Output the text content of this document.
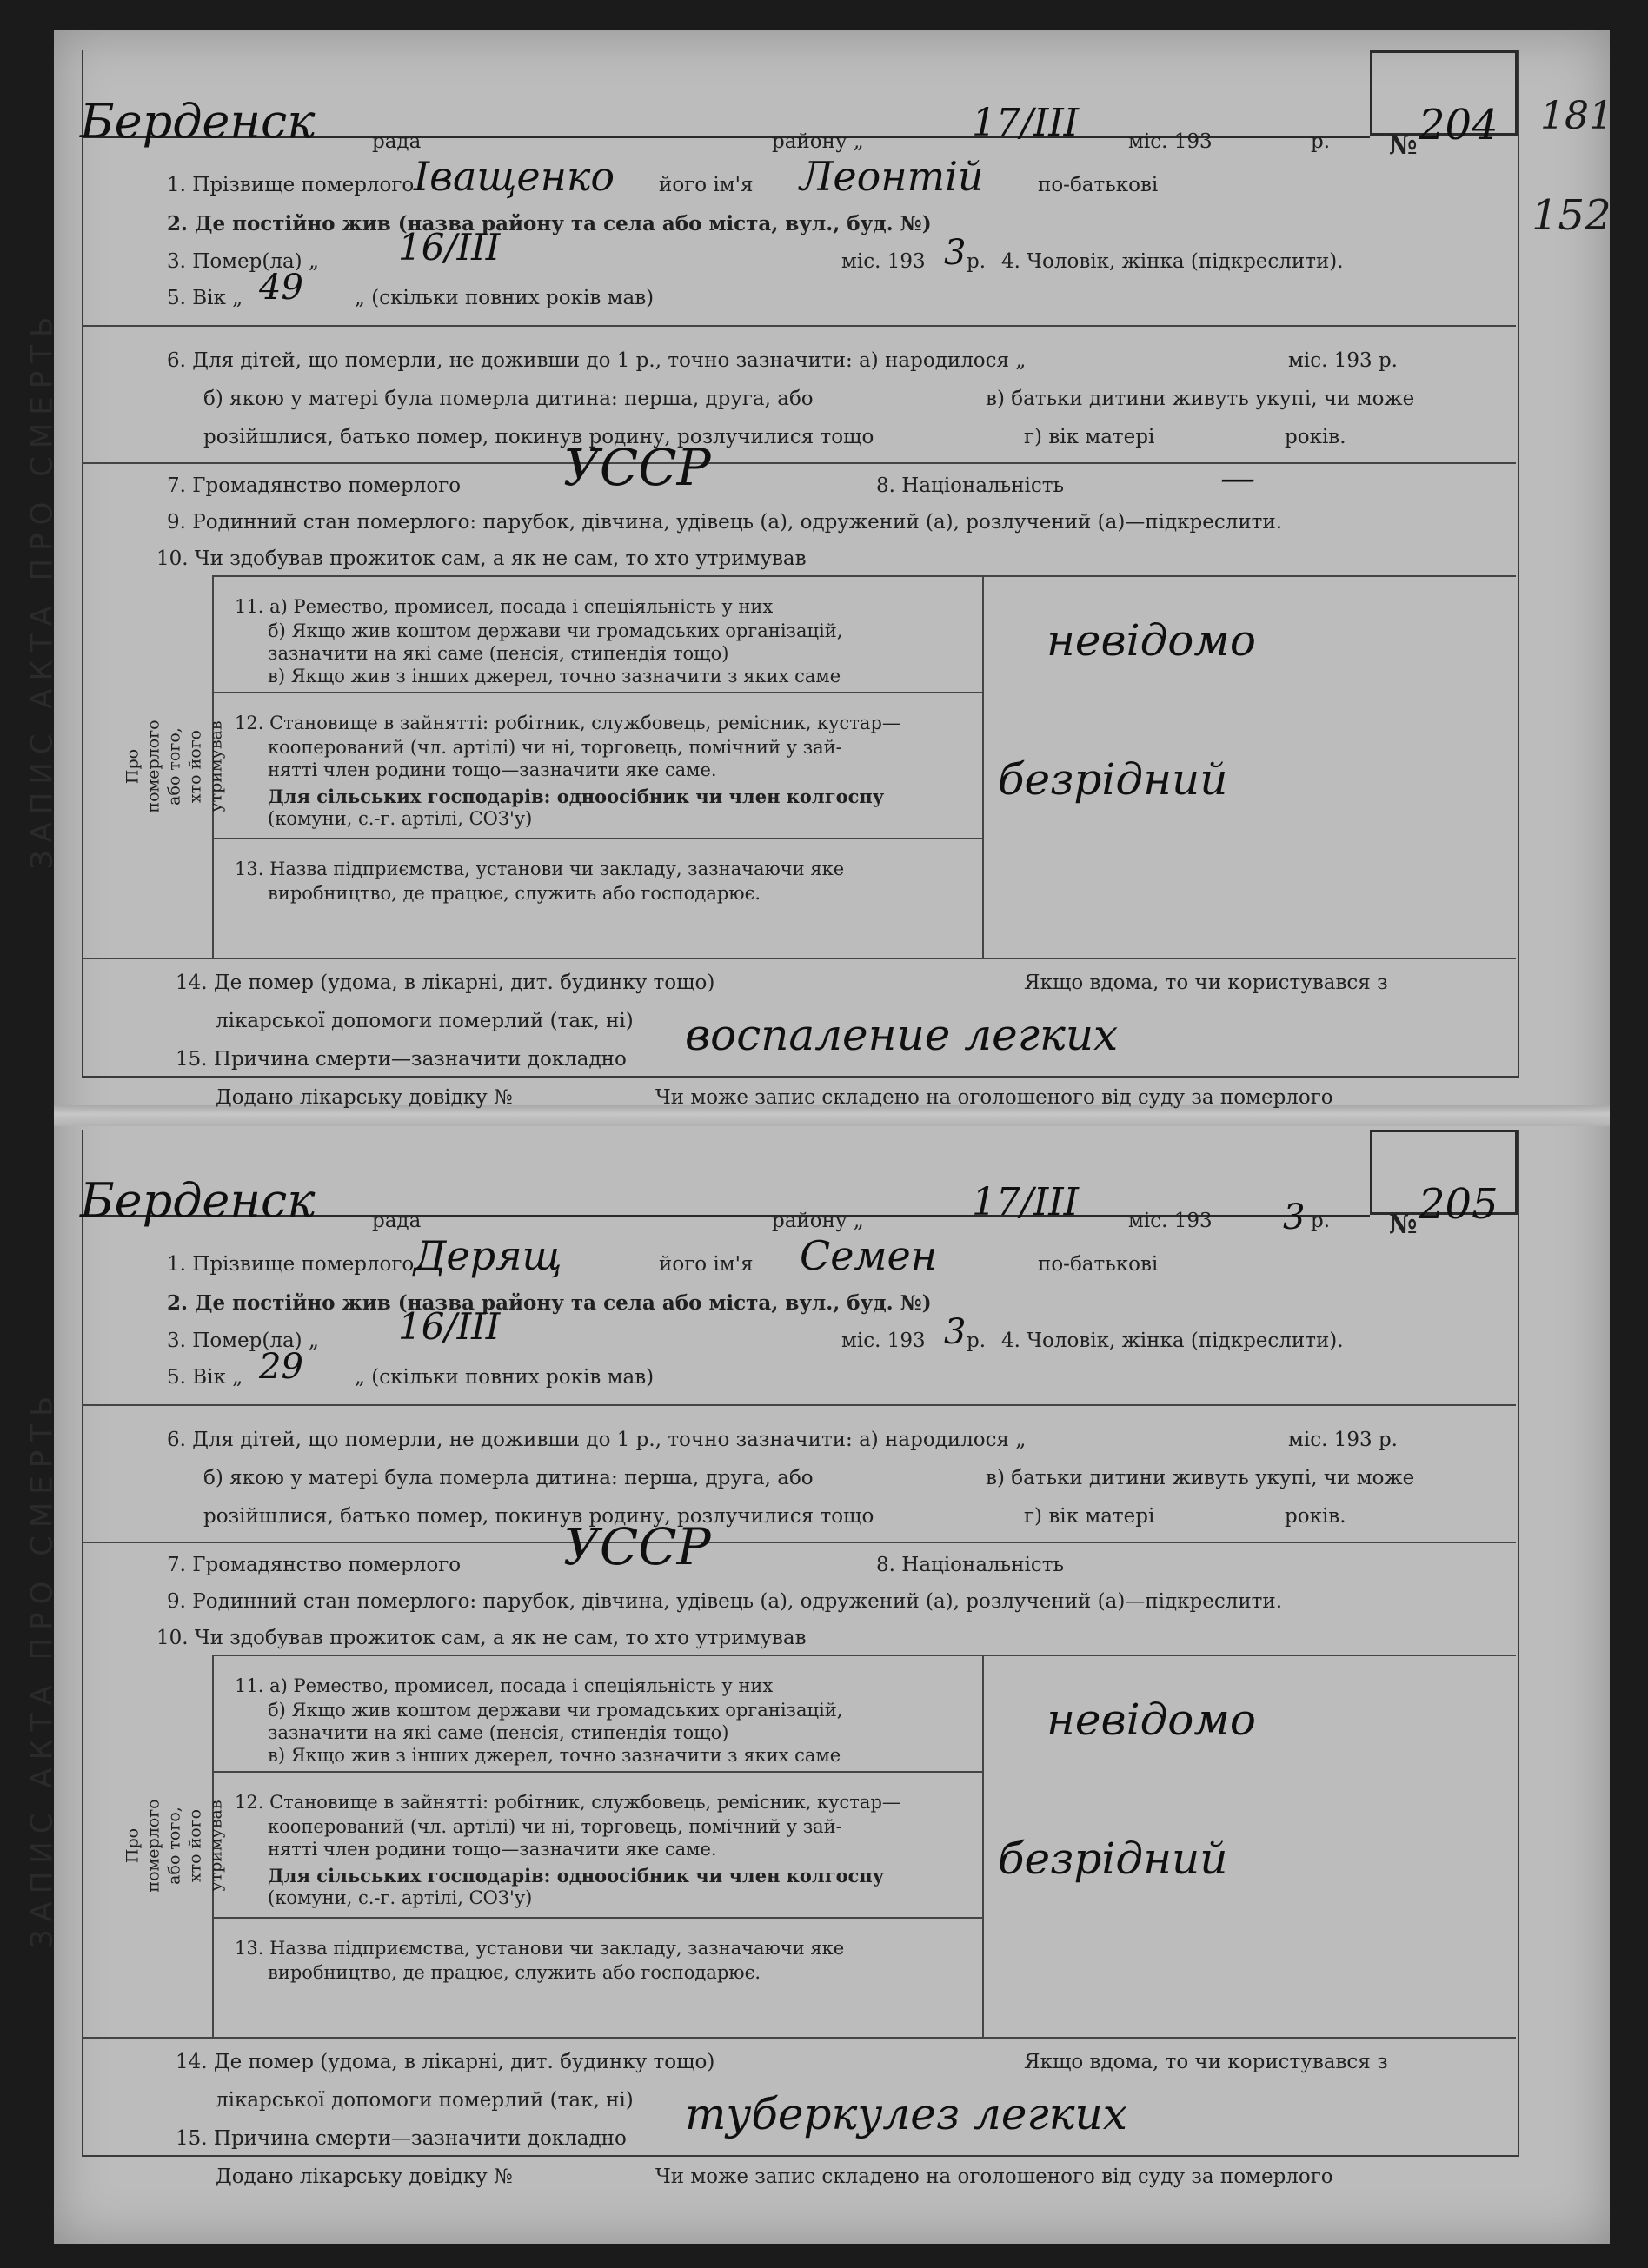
181
152
ЗАПИС АКТА ПРО СМЕРТЬ
рада	району „	міс. 193	р. №
Берденск	17/III	204
1. Прізвище померлого Іващенко його ім'я Леонтій	по-батькові
2. Де постійно жив (назва району та села або міста, вул., буд. №)
3. Помер(ла) „ 16/III	міс. 193 3 р. 4. Чоловік, жінка (підкреслити).
5. Вік „ 49	„ (скільки повних років мав)
6. Для дітей, що померли, не доживши до 1 р., точно зазначити: а) народилося „	міс. 193 р.
б) якою у матері була померла дитина: перша, друга, або	в) батьки дитини живуть укупі, чи може
розійшлися, батько помер, покинув родину, розлучилися тощо	г) вік матері	років.
7. Громадянство померлого УССР	8. Національність	—
9. Родинний стан померлого: парубок, дівчина, удівець (а), одружений (а), розлучений (а)—підкреслити.
10. Чи здобував прожиток сам, а як не сам, то хто утримував
Про померлого або того, хто його утримував
11. а) Ремество, промисел, посада і спеціяльність у них
б) Якщо жив коштом держави чи громадських організацій,
зазначити на які саме (пенсія, стипендія тощо)
в) Якщо жив з інших джерел, точно зазначити з яких саме
12. Становище в зайнятті: робітник, службовець, ремісник, кустар—
кооперований (чл. артілі) чи ні, торговець, помічний у зай-
нятті член родини тощо—зазначити яке саме.
Для сільських господарів: одноосібник чи член колгоспу
(комуни, с.-г. артілі, СОЗ'у)
13. Назва підприємства, установи чи закладу, зазначаючи яке
виробництво, де працює, служить або господарює.
невідомо
безрідний
14. Де помер (удома, в лікарні, дит. будинку тощо)	Якщо вдома, то чи користувався з
лікарської допомоги померлий (так, ні)
15. Причина смерти—зазначити докладно воспаление легких
Додано лікарську довідку №	Чи може запис складено на оголошеного від суду за померлого
ЗАПИС АКТА ПРО СМЕРТЬ
рада	району „	міс. 193	р. №
Берденск	17/III	3	205
1. Прізвище померлого Дерящ	його ім'я Семен	по-батькові
2. Де постійно жив (назва району та села або міста, вул., буд. №)
3. Помер(ла) „ 16/III	міс. 193 3 р. 4. Чоловік, жінка (підкреслити).
5. Вік „ 29	„ (скільки повних років мав)
6. Для дітей, що померли, не доживши до 1 р., точно зазначити: а) народилося „	міс. 193 р.
б) якою у матері була померла дитина: перша, друга, або	в) батьки дитини живуть укупі, чи може
розійшлися, батько помер, покинув родину, розлучилися тощо	г) вік матері	років.
7. Громадянство померлого УССР	8. Національність
9. Родинний стан померлого: парубок, дівчина, удівець (а), одружений (а), розлучений (а)—підкреслити.
10. Чи здобував прожиток сам, а як не сам, то хто утримував
Про померлого або того, хто його утримував
11. а) Ремество, промисел, посада і спеціяльність у них
б) Якщо жив коштом держави чи громадських організацій,
зазначити на які саме (пенсія, стипендія тощо)
в) Якщо жив з інших джерел, точно зазначити з яких саме
12. Становище в зайнятті: робітник, службовець, ремісник, кустар—
кооперований (чл. артілі) чи ні, торговець, помічний у зай-
нятті член родини тощо—зазначити яке саме.
Для сільських господарів: одноосібник чи член колгоспу
(комуни, с.-г. артілі, СОЗ'у)
13. Назва підприємства, установи чи закладу, зазначаючи яке
виробництво, де працює, служить або господарює.
невідомо
безрідний
14. Де помер (удома, в лікарні, дит. будинку тощо)	Якщо вдома, то чи користувався з
лікарської допомоги померлий (так, ні)
15. Причина смерти—зазначити докладно туберкулез легких
Додано лікарську довідку №	Чи може запис складено на оголошеного від суду за померлого
